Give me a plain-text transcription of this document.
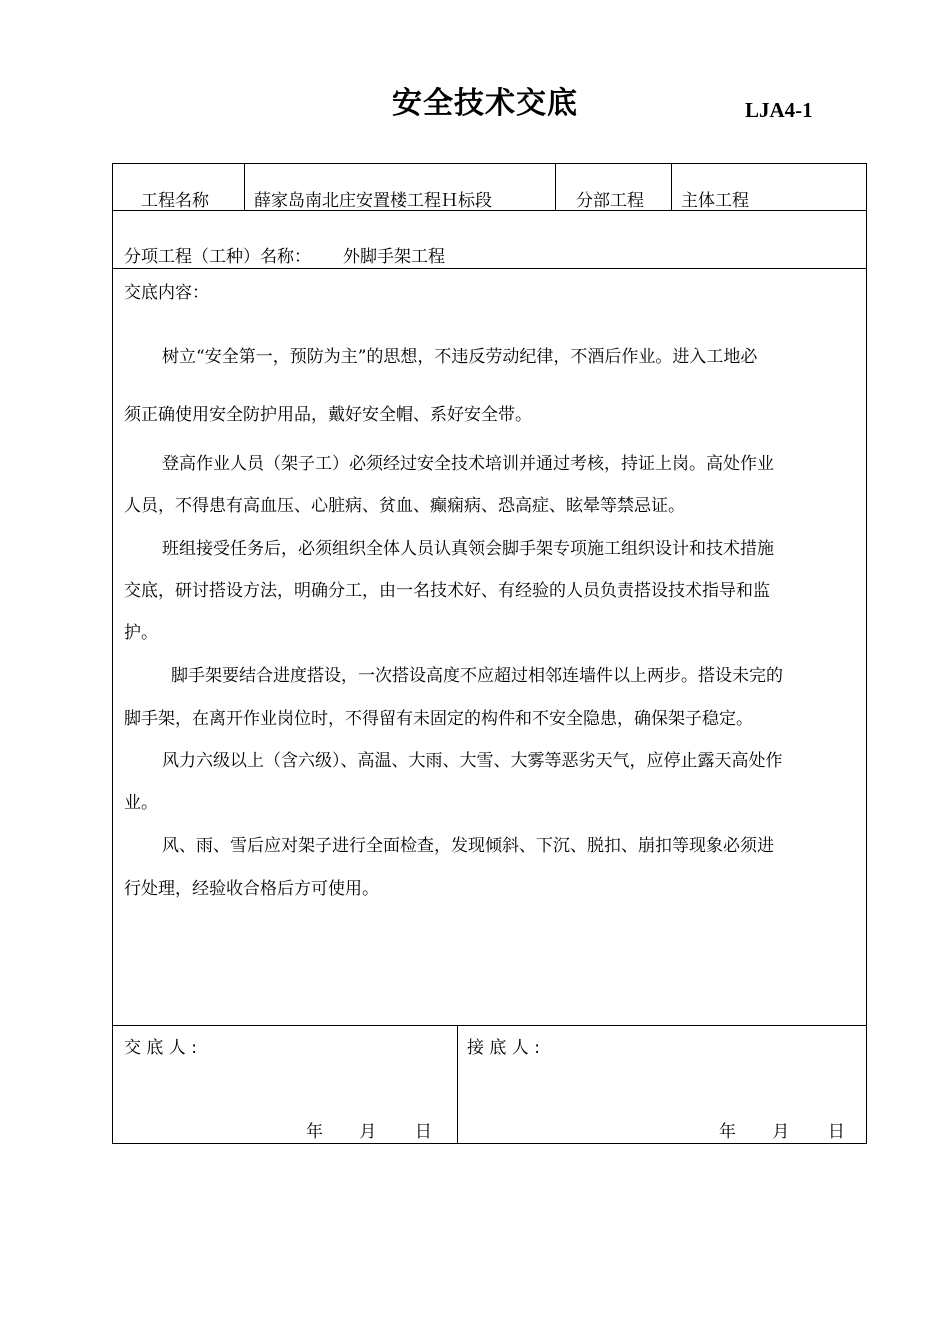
安全技术交底	LJA4-1
工程名称	薛家岛南北庄安置楼工程Ｈ标段	分部工程 主体工程
分项工程（工种）名称： 外脚手架工程
交底内容：
树立“安全第一，预防为主”的思想，不违反劳动纪律，不酒后作业。进入工地必
须正确使用安全防护用品，戴好安全帽、系好安全带。
登高作业人员（架子工）必须经过安全技术培训并通过考核，持证上岗。高处作业
人员，不得患有高血压、心脏病、贫血、癫痫病、恐高症、眩晕等禁忌证。
班组接受任务后，必须组织全体人员认真领会脚手架专项施工组织设计和技术措施
交底，研讨搭设方法，明确分工，由一名技术好、有经验的人员负责搭设技术指导和监
护。
脚手架要结合进度搭设，一次搭设高度不应超过相邻连墙件以上两步。搭设未完的
脚手架，在离开作业岗位时，不得留有未固定的构件和不安全隐患，确保架子稳定。
风力六级以上（含六级）、高温、大雨、大雪、大雾等恶劣天气，应停止露天高处作
业。
风、雨、雪后应对架子进行全面检查，发现倾斜、下沉、脱扣、崩扣等现象必须进
行处理，经验收合格后方可使用。
交 底 人 :	接 底 人 :
年 月 日	年 月 日
